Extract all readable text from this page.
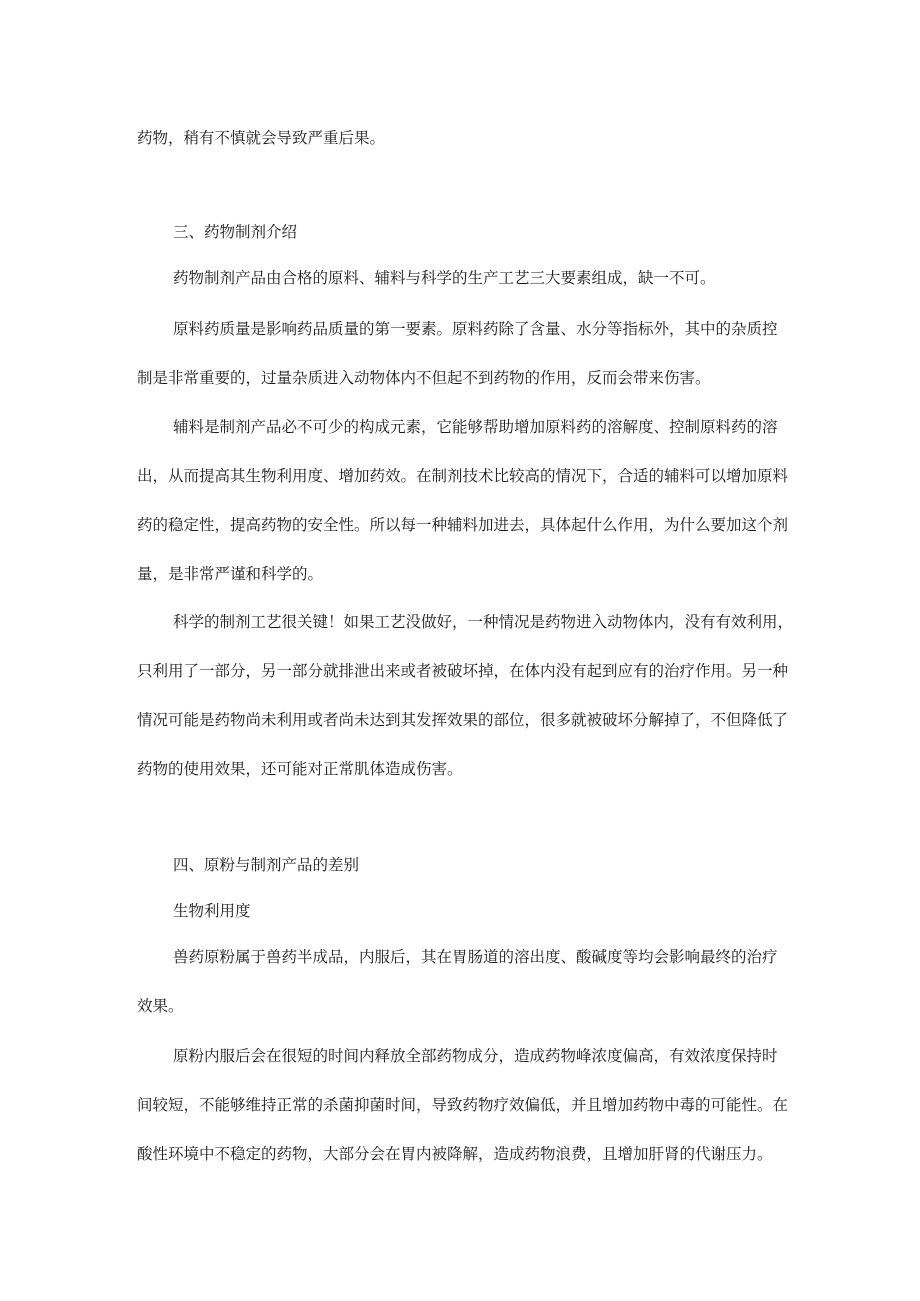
药物，稍有不慎就会导致严重后果。
三、药物制剂介绍
药物制剂产品由合格的原料、辅料与科学的生产工艺三大要素组成，缺一不可。
原料药质量是影响药品质量的第一要素。原料药除了含量、水分等指标外，其中的杂质控
制是非常重要的，过量杂质进入动物体内不但起不到药物的作用，反而会带来伤害。
辅料是制剂产品必不可少的构成元素，它能够帮助增加原料药的溶解度、控制原料药的溶
出，从而提高其生物利用度、增加药效。在制剂技术比较高的情况下，合适的辅料可以增加原料
药的稳定性，提高药物的安全性。所以每一种辅料加进去，具体起什么作用，为什么要加这个剂
量，是非常严谨和科学的。
科学的制剂工艺很关键！如果工艺没做好，一种情况是药物进入动物体内，没有有效利用，
只利用了一部分，另一部分就排泄出来或者被破坏掉，在体内没有起到应有的治疗作用。另一种
情况可能是药物尚未利用或者尚未达到其发挥效果的部位，很多就被破坏分解掉了，不但降低了
药物的使用效果，还可能对正常肌体造成伤害。
四、原粉与制剂产品的差别
生物利用度
兽药原粉属于兽药半成品，内服后，其在胃肠道的溶出度、酸碱度等均会影响最终的治疗
效果。
原粉内服后会在很短的时间内释放全部药物成分，造成药物峰浓度偏高，有效浓度保持时
间较短，不能够维持正常的杀菌抑菌时间，导致药物疗效偏低，并且增加药物中毒的可能性。在
酸性环境中不稳定的药物，大部分会在胃内被降解，造成药物浪费，且增加肝肾的代谢压力。
